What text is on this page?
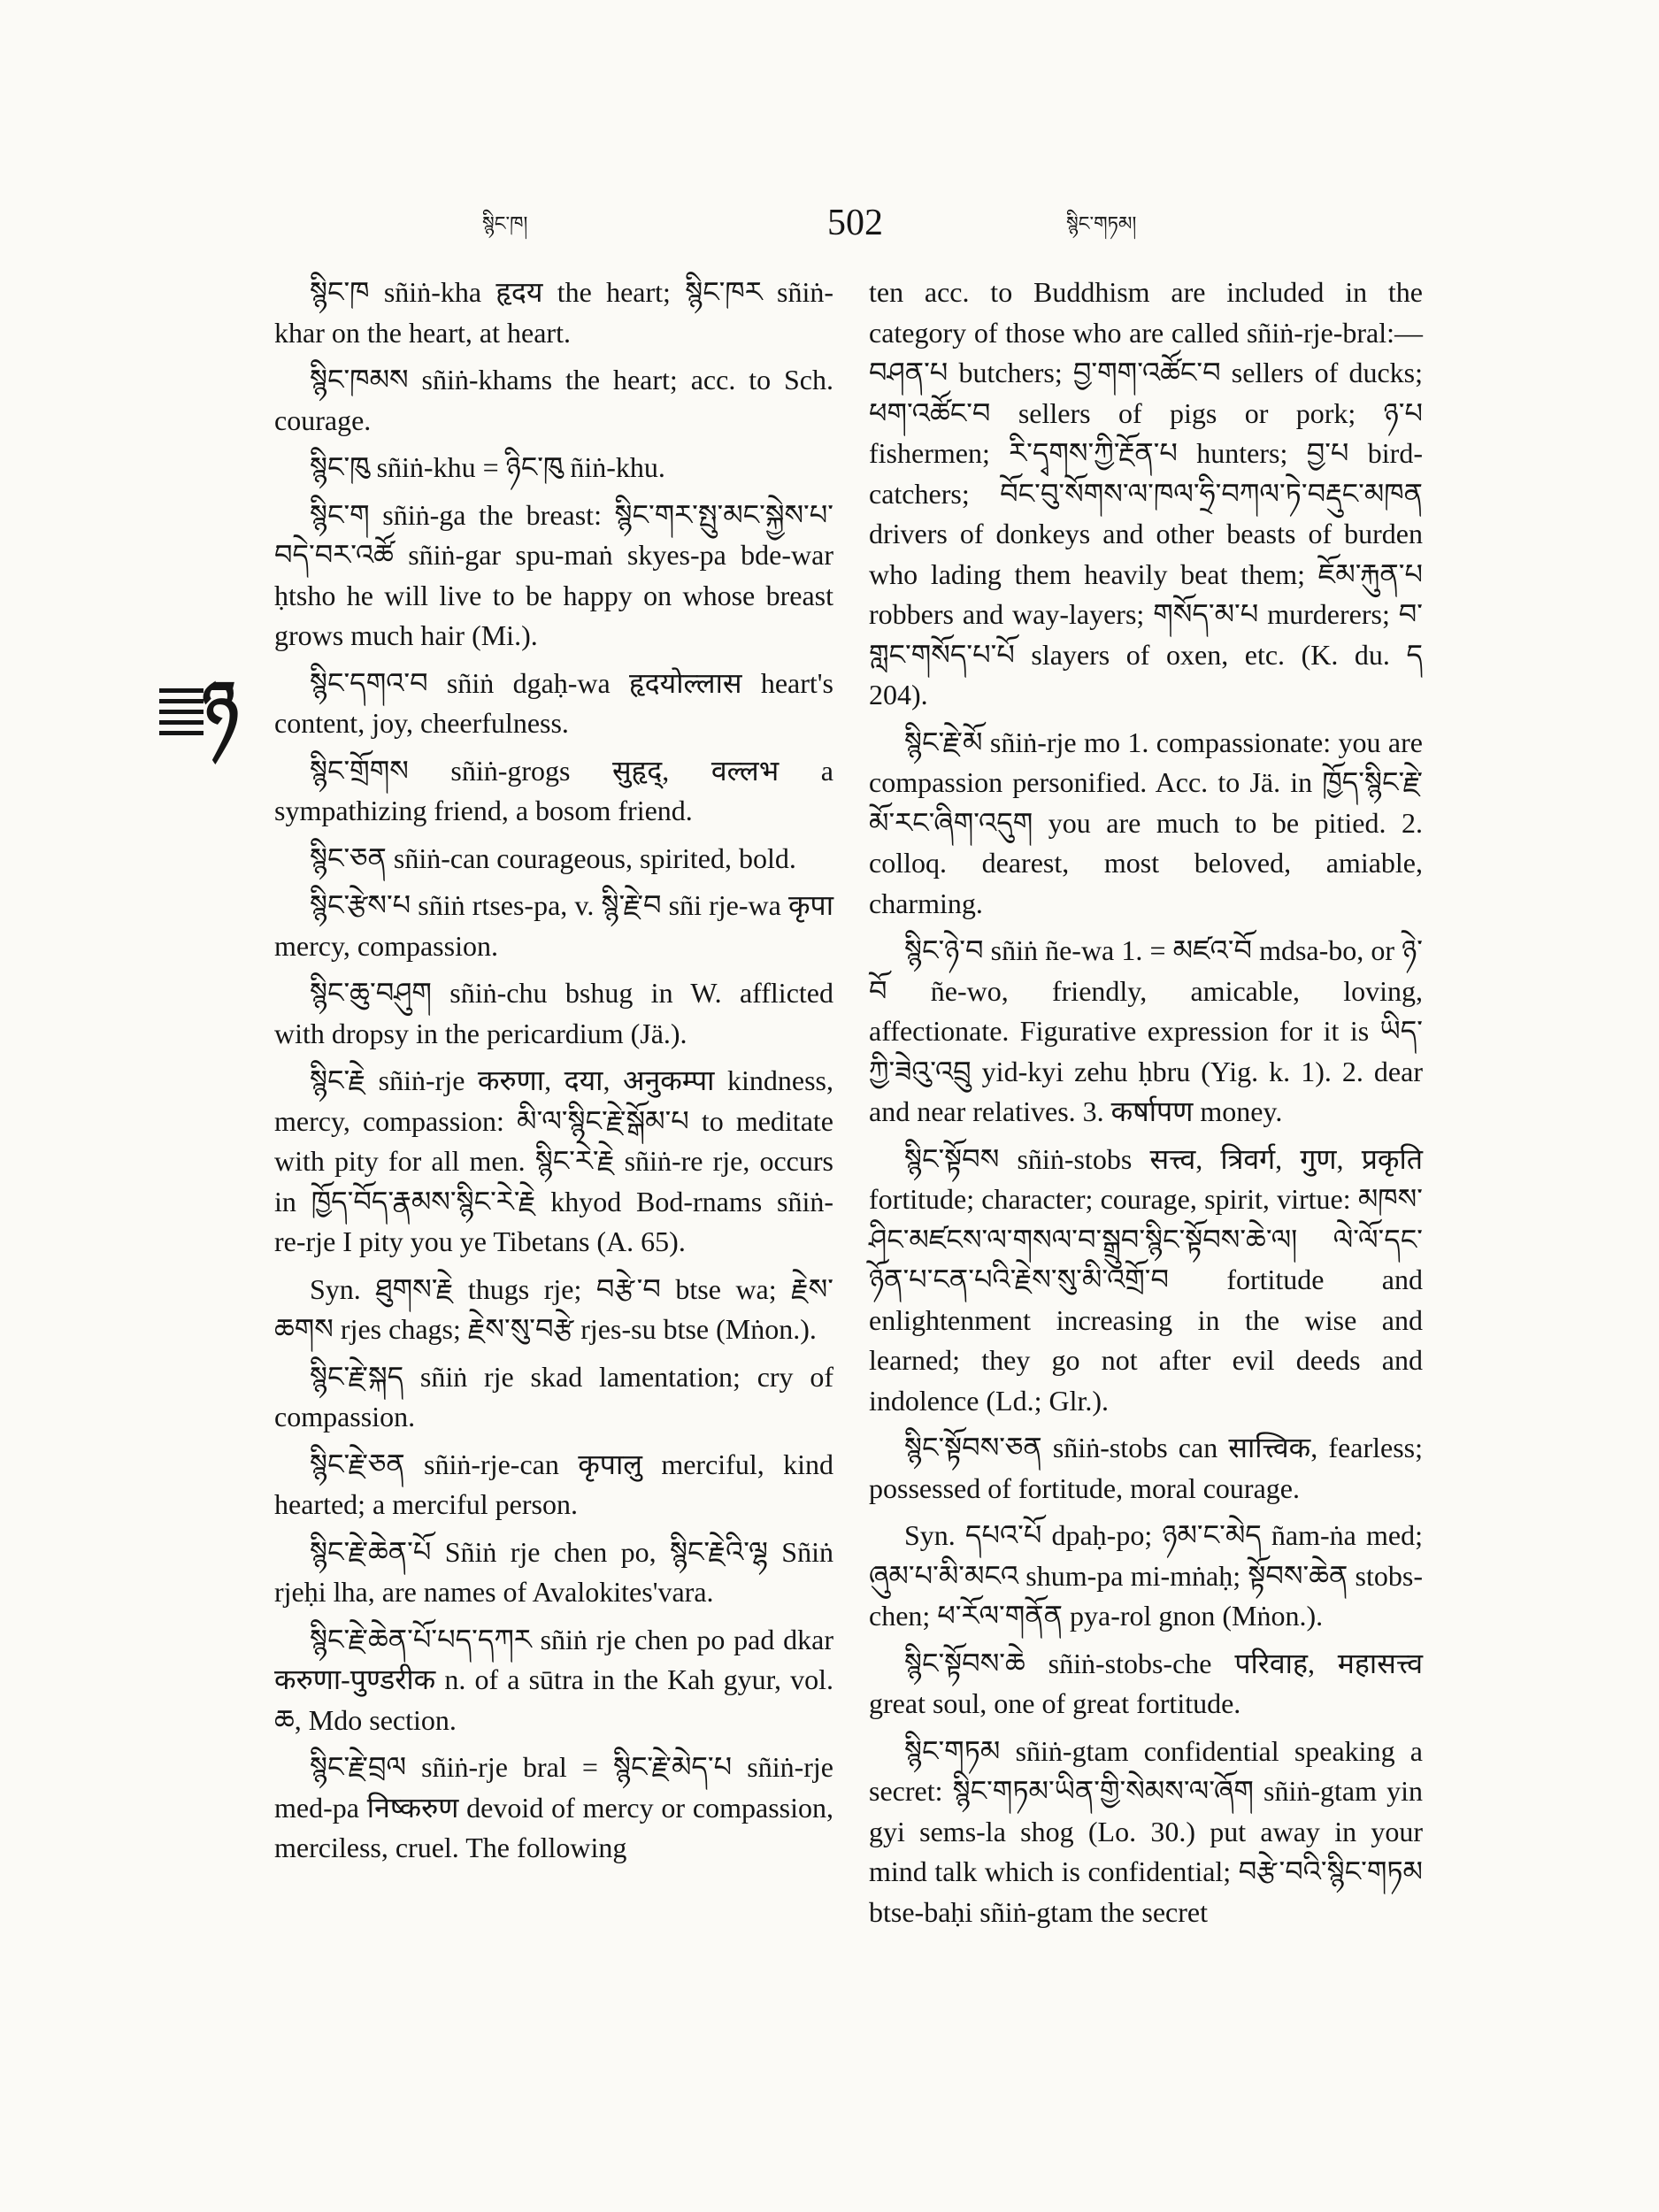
སྙིང་ཁ།	502	སྙིང་གཏམ།
ཉ

སྙིང་ཁ sñiṅ-kha हृदय the heart; སྙིང་ཁར sñiṅ-khar on the heart, at heart.

སྙིང་ཁམས sñiṅ-khams the heart; acc. to Sch. courage.

སྙིང་ཁུ sñiṅ-khu = ཉིང་ཁུ ñiṅ-khu.

སྙིང་ག sñiṅ-ga the breast: སྙིང་གར་སྤུ་མང་སྐྱེས་པ་བདེ་བར་འཚོ sñiṅ-gar spu-maṅ skyes-pa bde-war ḥtsho he will live to be happy on whose breast grows much hair (Mi.).

སྙིང་དགའ་བ sñiṅ dgaḥ-wa हृदयोल्लास heart's content, joy, cheerfulness.

སྙིང་གྲོགས sñiṅ-grogs सुहृद्, वल्लभ a sympathizing friend, a bosom friend.

སྙིང་ཅན sñiṅ-can courageous, spirited, bold.

སྙིང་རྩེས་པ sñiṅ rtses-pa, v. སྙི་རྗེ་བ sñi rje-wa कृपा mercy, compassion.

སྙིང་ཆུ་བཤུག sñiṅ-chu bshug in W. afflicted with dropsy in the pericardium (Jä.).

སྙིང་རྗེ sñiṅ-rje करुणा, दया, अनुकम्पा kindness, mercy, compassion: མི་ལ་སྙིང་རྗེ་སྒོམ་པ to meditate with pity for all men. སྙིང་རེ་རྗེ sñiṅ-re rje, occurs in ཁྱོད་བོད་རྣམས་སྙིང་རེ་རྗེ khyod Bod-rnams sñiṅ-re-rje I pity you ye Tibetans (A. 65).

Syn. ཐུགས་རྗེ thugs rje; བརྩེ་བ btse wa; རྗེས་ཆགས rjes chags; རྗེས་སུ་བརྩེ rjes-su btse (Mṅon.).

སྙིང་རྗེ་སྐད sñiṅ rje skad lamentation; cry of compassion.

སྙིང་རྗེ་ཅན sñiṅ-rje-can कृपालु merciful, kind hearted; a merciful person.

སྙིང་རྗེ་ཆེན་པོ Sñiṅ rje chen po, སྙིང་རྗེའི་ལྷ Sñiṅ rjeḥi lha, are names of Avalokites'vara.

སྙིང་རྗེ་ཆེན་པོ་པད་དཀར sñiṅ rje chen po pad dkar करुणा-पुण्डरीक n. of a sūtra in the Kah gyur, vol. ཆ, Mdo section.

སྙིང་རྗེ་བྲལ sñiṅ-rje bral = སྙིང་རྗེ་མེད་པ sñiṅ-rje med-pa निष्करुण devoid of mercy or compassion, merciless, cruel. The following

ten acc. to Buddhism are included in the category of those who are called sñiṅ-rje-bral:—བཤན་པ butchers; བྱ་གག་འཚོང་བ sellers of ducks; ཕག་འཚོང་བ sellers of pigs or pork; ཉ་པ fishermen; རི་དྭགས་ཀྱི་རྔོན་པ hunters; བྱ་པ bird-catchers; བོང་བུ་སོགས་ལ་ཁལ་ཧྲི་བཀལ་ཏེ་བརྡུང་མཁན drivers of donkeys and other beasts of burden who lading them heavily beat them; ཇོམ་རྐུན་པ robbers and way-layers; གསོད་མ་པ murderers; བ་གླང་གསོད་པ་པོ slayers of oxen, etc. (K. du. ད 204).

སྙིང་རྗེ་མོ sñiṅ-rje mo 1. compassionate: you are compassion personified. Acc. to Jä. in ཁྱོད་སྙིང་རྗེ་མོ་རང་ཞིག་འདུག you are much to be pitied. 2. colloq. dearest, most beloved, amiable, charming.

སྙིང་ཉེ་བ sñiṅ ñe-wa 1. = མཛའ་བོ mdsa-bo, or ཉེ་བོ ñe-wo, friendly, amicable, loving, affectionate. Figurative expression for it is ཡིད་ཀྱི་ཟེའུ་འབྲུ yid-kyi zehu ḥbru (Yig. k. 1). 2. dear and near relatives. 3. कर्षापण money.

སྙིང་སྟོབས sñiṅ-stobs सत्त्व, त्रिवर्ग, गुण, प्रकृति fortitude; character; courage, spirit, virtue: མཁས་ཤིང་མཛངས་ལ་གསལ་བ་སྒྲུབ་སྙིང་སྟོབས་ཆེ་ལ། ལེ་ལོ་དང་ཉོན་པ་ངན་པའི་རྗེས་སུ་མི་འགྲོ་བ fortitude and enlightenment increasing in the wise and learned; they go not after evil deeds and indolence (Ld.; Glr.).

སྙིང་སྟོབས་ཅན sñiṅ-stobs can सात्त्विक, fearless; possessed of fortitude, moral courage.

Syn. དཔའ་པོ dpaḥ-po; ཉམ་ང་མེད ñam-ṅa med; ཞུམ་པ་མི་མངའ shum-pa mi-mṅaḥ; སྟོབས་ཆེན stobs-chen; ཕ་རོལ་གནོན pya-rol gnon (Mṅon.).

སྙིང་སྟོབས་ཆེ sñiṅ-stobs-che परिवाह, महासत्त्व great soul, one of great fortitude.

སྙིང་གཏམ sñiṅ-gtam confidential speaking a secret: སྙིང་གཏམ་ཡིན་གྱི་སེམས་ལ་ཞོག sñiṅ-gtam yin gyi sems-la shog (Lo. 30.) put away in your mind talk which is confidential; བརྩེ་བའི་སྙིང་གཏམ btse-baḥi sñiṅ-gtam the secret
